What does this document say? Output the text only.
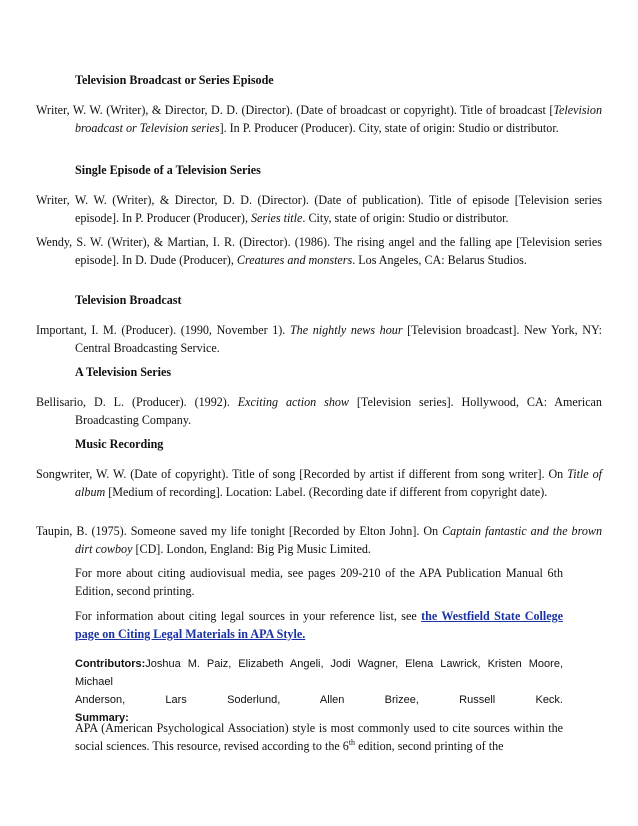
Television Broadcast or Series Episode
Writer, W. W. (Writer), & Director, D. D. (Director). (Date of broadcast or copyright). Title of broadcast [Television broadcast or Television series]. In P. Producer (Producer). City, state of origin: Studio or distributor.
Single Episode of a Television Series
Writer, W. W. (Writer), & Director, D. D. (Director). (Date of publication). Title of episode [Television series episode]. In P. Producer (Producer), Series title. City, state of origin: Studio or distributor.
Wendy, S. W. (Writer), & Martian, I. R. (Director). (1986). The rising angel and the falling ape [Television series episode]. In D. Dude (Producer), Creatures and monsters. Los Angeles, CA: Belarus Studios.
Television Broadcast
Important, I. M. (Producer). (1990, November 1). The nightly news hour [Television broadcast]. New York, NY: Central Broadcasting Service.
A Television Series
Bellisario, D. L. (Producer). (1992). Exciting action show [Television series]. Hollywood, CA: American Broadcasting Company.
Music Recording
Songwriter, W. W. (Date of copyright). Title of song [Recorded by artist if different from song writer]. On Title of album [Medium of recording]. Location: Label. (Recording date if different from copyright date).
Taupin, B. (1975). Someone saved my life tonight [Recorded by Elton John]. On Captain fantastic and the brown dirt cowboy [CD]. London, England: Big Pig Music Limited.
For more about citing audiovisual media, see pages 209-210 of the APA Publication Manual 6th Edition, second printing.
For information about citing legal sources in your reference list, see the Westfield State College page on Citing Legal Materials in APA Style.
Contributors:Joshua M. Paiz, Elizabeth Angeli, Jodi Wagner, Elena Lawrick, Kristen Moore, Michael
Anderson, Lars Soderlund, Allen Brizee, Russell Keck.
Summary:
APA (American Psychological Association) style is most commonly used to cite sources within the social sciences. This resource, revised according to the 6th edition, second printing of the
